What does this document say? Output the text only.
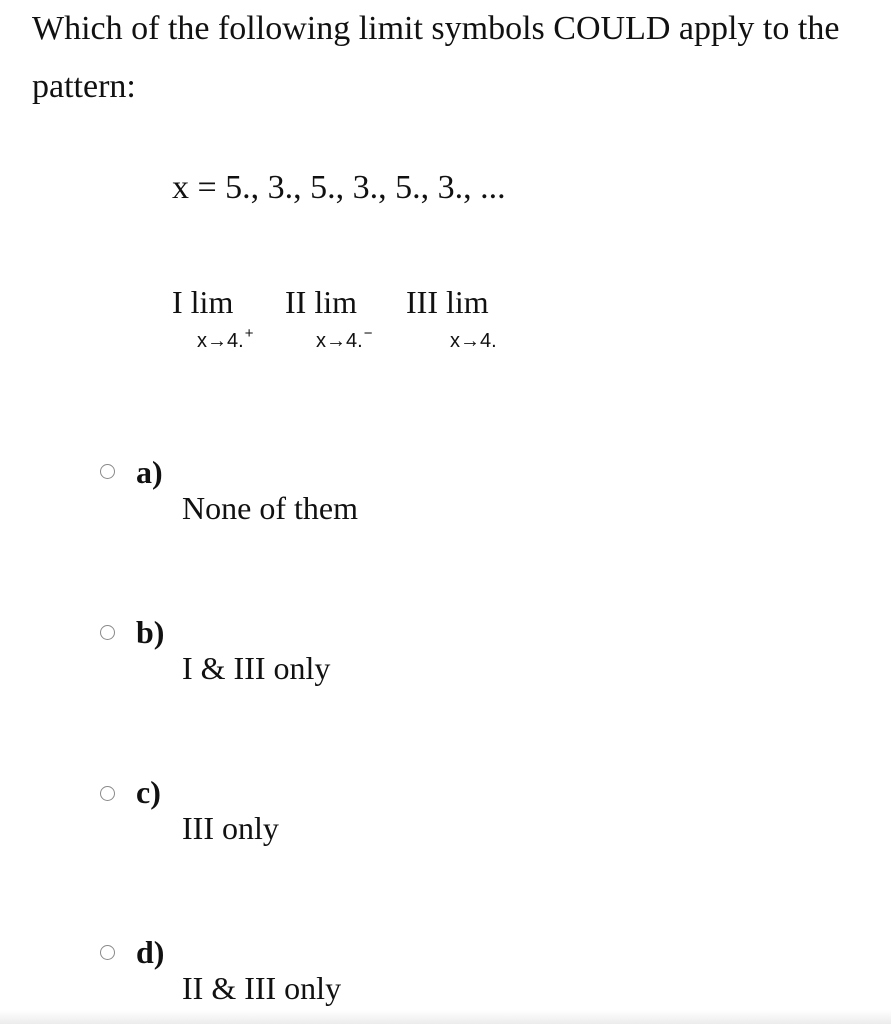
Which of the following limit symbols COULD apply to the pattern:
x = 5., 3., 5., 3., 5., 3., ...
I lim
x→4.+
II lim
x→4.−
III lim
x→4.
a)
None of them
b)
I & III only
c)
III only
d)
II & III only
